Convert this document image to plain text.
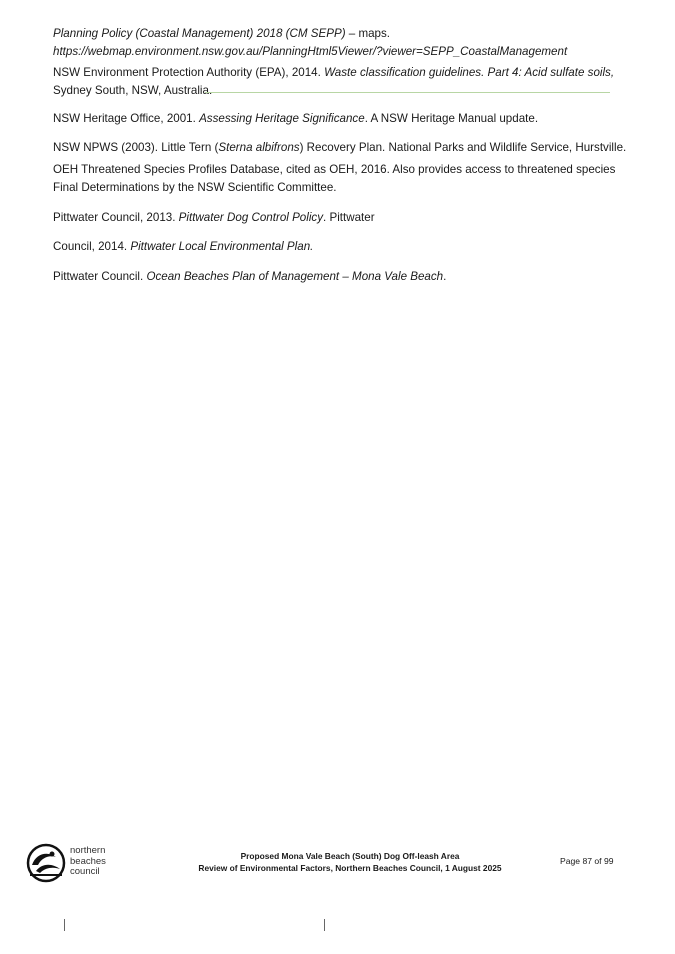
Planning Policy (Coastal Management) 2018 (CM SEPP) – maps.
https://webmap.environment.nsw.gov.au/PlanningHtml5Viewer/?viewer=SEPP_CoastalManagement

NSW Environment Protection Authority (EPA), 2014. Waste classification guidelines. Part 4: Acid sulfate soils, Sydney South, NSW, Australia.

NSW Heritage Office, 2001. Assessing Heritage Significance. A NSW Heritage Manual update.

NSW NPWS (2003). Little Tern (Sterna albifrons) Recovery Plan. National Parks and Wildlife Service, Hurstville.

OEH Threatened Species Profiles Database, cited as OEH, 2016. Also provides access to threatened species Final Determinations by the NSW Scientific Committee.

Pittwater Council, 2013. Pittwater Dog Control Policy. Pittwater

Council, 2014. Pittwater Local Environmental Plan.

Pittwater Council. Ocean Beaches Plan of Management – Mona Vale Beach.

northern
beaches
council
Proposed Mona Vale Beach (South) Dog Off-leash Area
Review of Environmental Factors, Northern Beaches Council, 1 August 2025
Page 87 of 99
